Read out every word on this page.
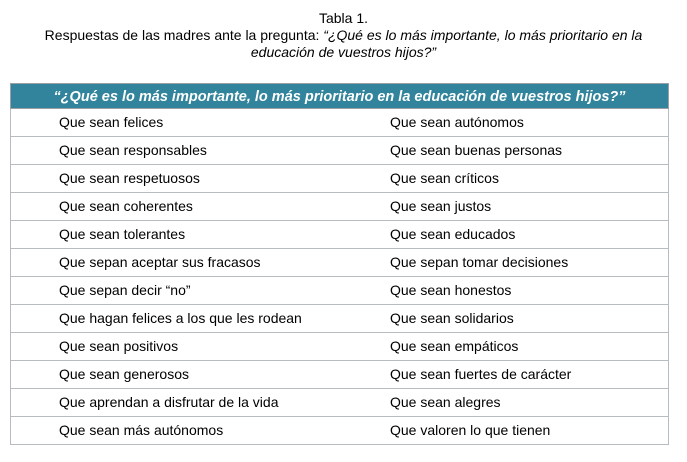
Tabla 1.
Respuestas de las madres ante la pregunta: “¿Qué es lo más importante, lo más prioritario en la
educación de vuestros hijos?”
“¿Qué es lo más importante, lo más prioritario en la educación de vuestros hijos?”
Que sean felices	Que sean autónomos
Que sean responsables	Que sean buenas personas
Que sean respetuosos	Que sean críticos
Que sean coherentes	Que sean justos
Que sean tolerantes	Que sean educados
Que sepan aceptar sus fracasos	Que sepan tomar decisiones
Que sepan decir “no”	Que sean honestos
Que hagan felices a los que les rodean	Que sean solidarios
Que sean positivos	Que sean empáticos
Que sean generosos	Que sean fuertes de carácter
Que aprendan a disfrutar de la vida	Que sean alegres
Que sean más autónomos	Que valoren lo que tienen
